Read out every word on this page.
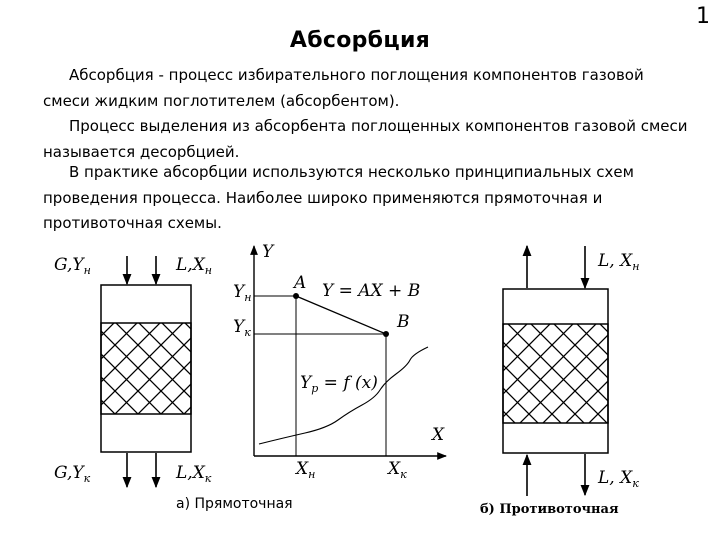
1
Абсорбция
Абсорбция - процесс избирательного поглощения компонентов газовой
смеси жидким поглотителем (абсорбентом).
Процесс выделения из абсорбента поглощенных компонентов газовой смеси
называется десорбцией.
В практике абсорбции используются несколько принципиальных схем
проведения процесса. Наиболее широко применяются прямоточная и
противоточная схемы.
$G,Y_н$	$L,X_н$
$G,Y_к$	$L,X_к$
Y
X
$Y_н$
$Y_к$
$X_н$	$X_к$
A
B
Y = AX + B
$Y_p = f$ (x)
L, $X_н$
L, $X_к$
а) Прямоточная	б) Противоточная
